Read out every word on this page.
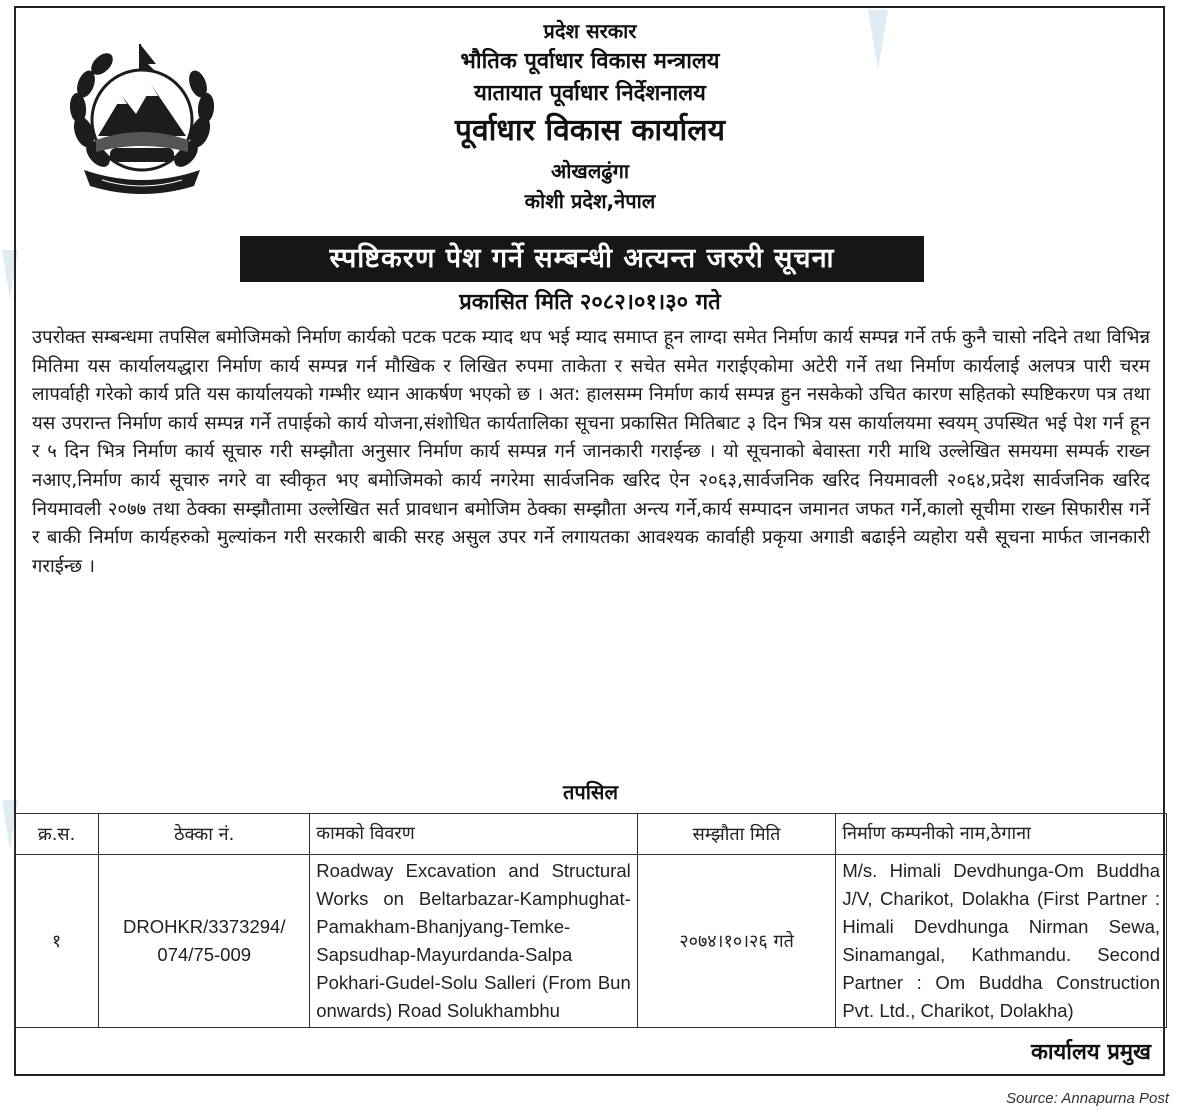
प्रदेश सरकार
भौतिक पूर्वाधार विकास मन्त्रालय
यातायात पूर्वाधार निर्देशनालय
पूर्वाधार विकास कार्यालय
ओखलढुंगा
कोशी प्रदेश,नेपाल
स्पष्टिकरण पेश गर्ने सम्बन्धी अत्यन्त जरुरी सूचना
प्रकासित मिति २०८२।०१।३० गते
उपरोक्त सम्बन्धमा तपसिल बमोजिमको निर्माण कार्यको पटक पटक म्याद थप भई म्याद समाप्त हून लाग्दा समेत निर्माण कार्य सम्पन्न गर्ने तर्फ कुनै चासो नदिने तथा विभिन्न मितिमा यस कार्यालयद्धारा निर्माण कार्य सम्पन्न गर्न मौखिक र लिखित रुपमा ताकेता र सचेत समेत गराईएकोमा अटेरी गर्ने तथा निर्माण कार्यलाई अलपत्र पारी चरम लापर्वाही गरेको कार्य प्रति यस कार्यालयको गम्भीर ध्यान आकर्षण भएको छ । अत: हालसम्म निर्माण कार्य सम्पन्न हुन नसकेको उचित कारण सहितको स्पष्टिकरण पत्र तथा यस उपरान्त निर्माण कार्य सम्पन्न गर्ने तपाईको कार्य योजना,संशोधित कार्यतालिका सूचना प्रकासित मितिबाट ३ दिन भित्र यस कार्यालयमा स्वयम् उपस्थित भई पेश गर्न हून र ५ दिन भित्र निर्माण कार्य सूचारु गरी सम्झौता अनुसार निर्माण कार्य सम्पन्न गर्न जानकारी गराईन्छ । यो सूचनाको बेवास्ता गरी माथि उल्लेखित समयमा सम्पर्क राख्न नआए,निर्माण कार्य सूचारु नगरे वा स्वीकृत भए बमोजिमको कार्य नगरेमा सार्वजनिक खरिद ऐन २०६३,सार्वजनिक खरिद नियमावली २०६४,प्रदेश सार्वजनिक खरिद नियमावली २०७७ तथा ठेक्का सम्झौतामा उल्लेखित सर्त प्रावधान बमोजिम ठेक्का सम्झौता अन्त्य गर्ने,कार्य सम्पादन जमानत जफत गर्ने,कालो सूचीमा राख्न सिफारीस गर्ने र बाकी निर्माण कार्यहरुको मुल्यांकन गरी सरकारी बाकी सरह असुल उपर गर्ने लगायतका आवश्यक कार्वाही प्रकृया अगाडी बढाईने व्यहोरा यसै सूचना मार्फत जानकारी गराईन्छ ।
तपसिल
क्र.स.	ठेक्का नं.	कामको विवरण	सम्झौता मिति	निर्माण कम्पनीको नाम,ठेगाना
१	DROHKR/3373294/ 074/75-009	Roadway Excavation and Structural Works on Beltarbazar-Kamphughat-Pamakham-Bhanjyang-Temke-Sapsudhap-Mayurdanda-Salpa Pokhari-Gudel-Solu Salleri (From Bun onwards) Road Solukhambhu	२०७४।१०।२६ गते	M/s. Himali Devdhunga-Om Buddha J/V, Charikot, Dolakha (First Partner : Himali Devdhunga Nirman Sewa, Sinamangal, Kathmandu. Second Partner : Om Buddha Construction Pvt. Ltd., Charikot, Dolakha)
कार्यालय प्रमुख
Source: Annapurna Post
